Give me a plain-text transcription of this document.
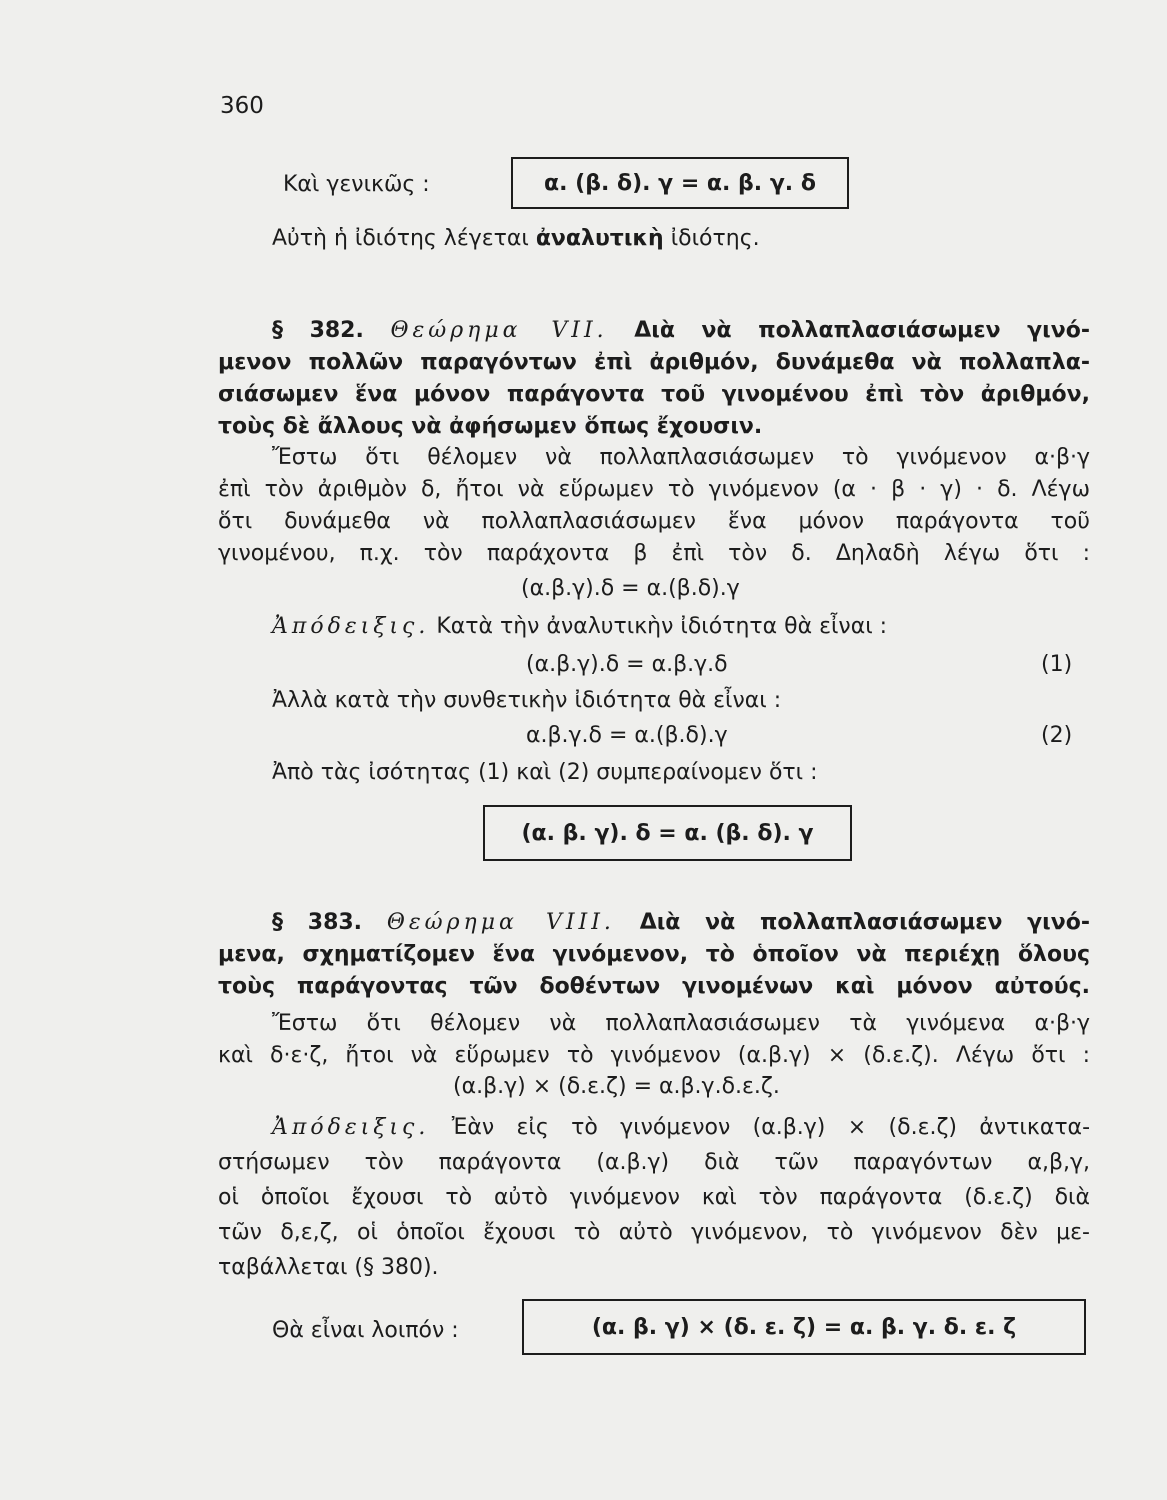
360
Καὶ γενικῶς :	α. (β. δ). γ = α. β. γ. δ
Αὐτὴ ἡ ἰδιότης λέγεται ἀναλυτικὴ ἰδιότης.
§ 382. Θεώρημα VII. Διὰ νὰ πολλαπλασιάσωμεν γινό-
μενον πολλῶν παραγόντων ἐπὶ ἀριθμόν, δυνάμεθα νὰ πολλαπλα-
σιάσωμεν ἕνα μόνον παράγοντα τοῦ γινομένου ἐπὶ τὸν ἀριθμόν,
τοὺς δὲ ἄλλους νὰ ἀφήσωμεν ὅπως ἔχουσιν.
Ἔστω ὅτι θέλομεν νὰ πολλαπλασιάσωμεν τὸ γινόμενον α·β·γ
ἐπὶ τὸν ἀριθμὸν δ, ἤτοι νὰ εὕρωμεν τὸ γινόμενον (α · β · γ) · δ. Λέγω
ὅτι δυνάμεθα νὰ πολλαπλασιάσωμεν ἕνα μόνον παράγοντα τοῦ
γινομένου, π.χ. τὸν παράχοντα β ἐπὶ τὸν δ. Δηλαδὴ λέγω ὅτι :
(α.β.γ).δ = α.(β.δ).γ
Ἀπόδειξις. Κατὰ τὴν ἀναλυτικὴν ἰδιότητα θὰ εἶναι :
(α.β.γ).δ = α.β.γ.δ	(1)
Ἀλλὰ κατὰ τὴν συνθετικὴν ἰδιότητα θὰ εἶναι :
α.β.γ.δ = α.(β.δ).γ	(2)
Ἀπὸ τὰς ἰσότητας (1) καὶ (2) συμπεραίνομεν ὅτι :
(α. β. γ). δ = α. (β. δ). γ
§ 383. Θεώρημα VIII. Διὰ νὰ πολλαπλασιάσωμεν γινό-
μενα, σχηματίζομεν ἕνα γινόμενον, τὸ ὁποῖον νὰ περιέχῃ ὅλους
τοὺς παράγοντας τῶν δοθέντων γινομένων καὶ μόνον αὐτούς.
Ἔστω ὅτι θέλομεν νὰ πολλαπλασιάσωμεν τὰ γινόμενα α·β·γ
καὶ δ·ε·ζ, ἤτοι νὰ εὕρωμεν τὸ γινόμενον (α.β.γ) × (δ.ε.ζ). Λέγω ὅτι :
(α.β.γ) × (δ.ε.ζ) = α.β.γ.δ.ε.ζ.
Ἀπόδειξις. Ἐὰν εἰς τὸ γινόμενον (α.β.γ) × (δ.ε.ζ) ἀντικατα-
στήσωμεν τὸν παράγοντα (α.β.γ) διὰ τῶν παραγόντων α,β,γ,
οἱ ὁποῖοι ἔχουσι τὸ αὐτὸ γινόμενον καὶ τὸν παράγοντα (δ.ε.ζ) διὰ
τῶν δ,ε,ζ, οἱ ὁποῖοι ἔχουσι τὸ αὐτὸ γινόμενον, τὸ γινόμενον δὲν με-
ταβάλλεται (§ 380).
Θὰ εἶναι λοιπόν :	(α. β. γ) × (δ. ε. ζ) = α. β. γ. δ. ε. ζ
